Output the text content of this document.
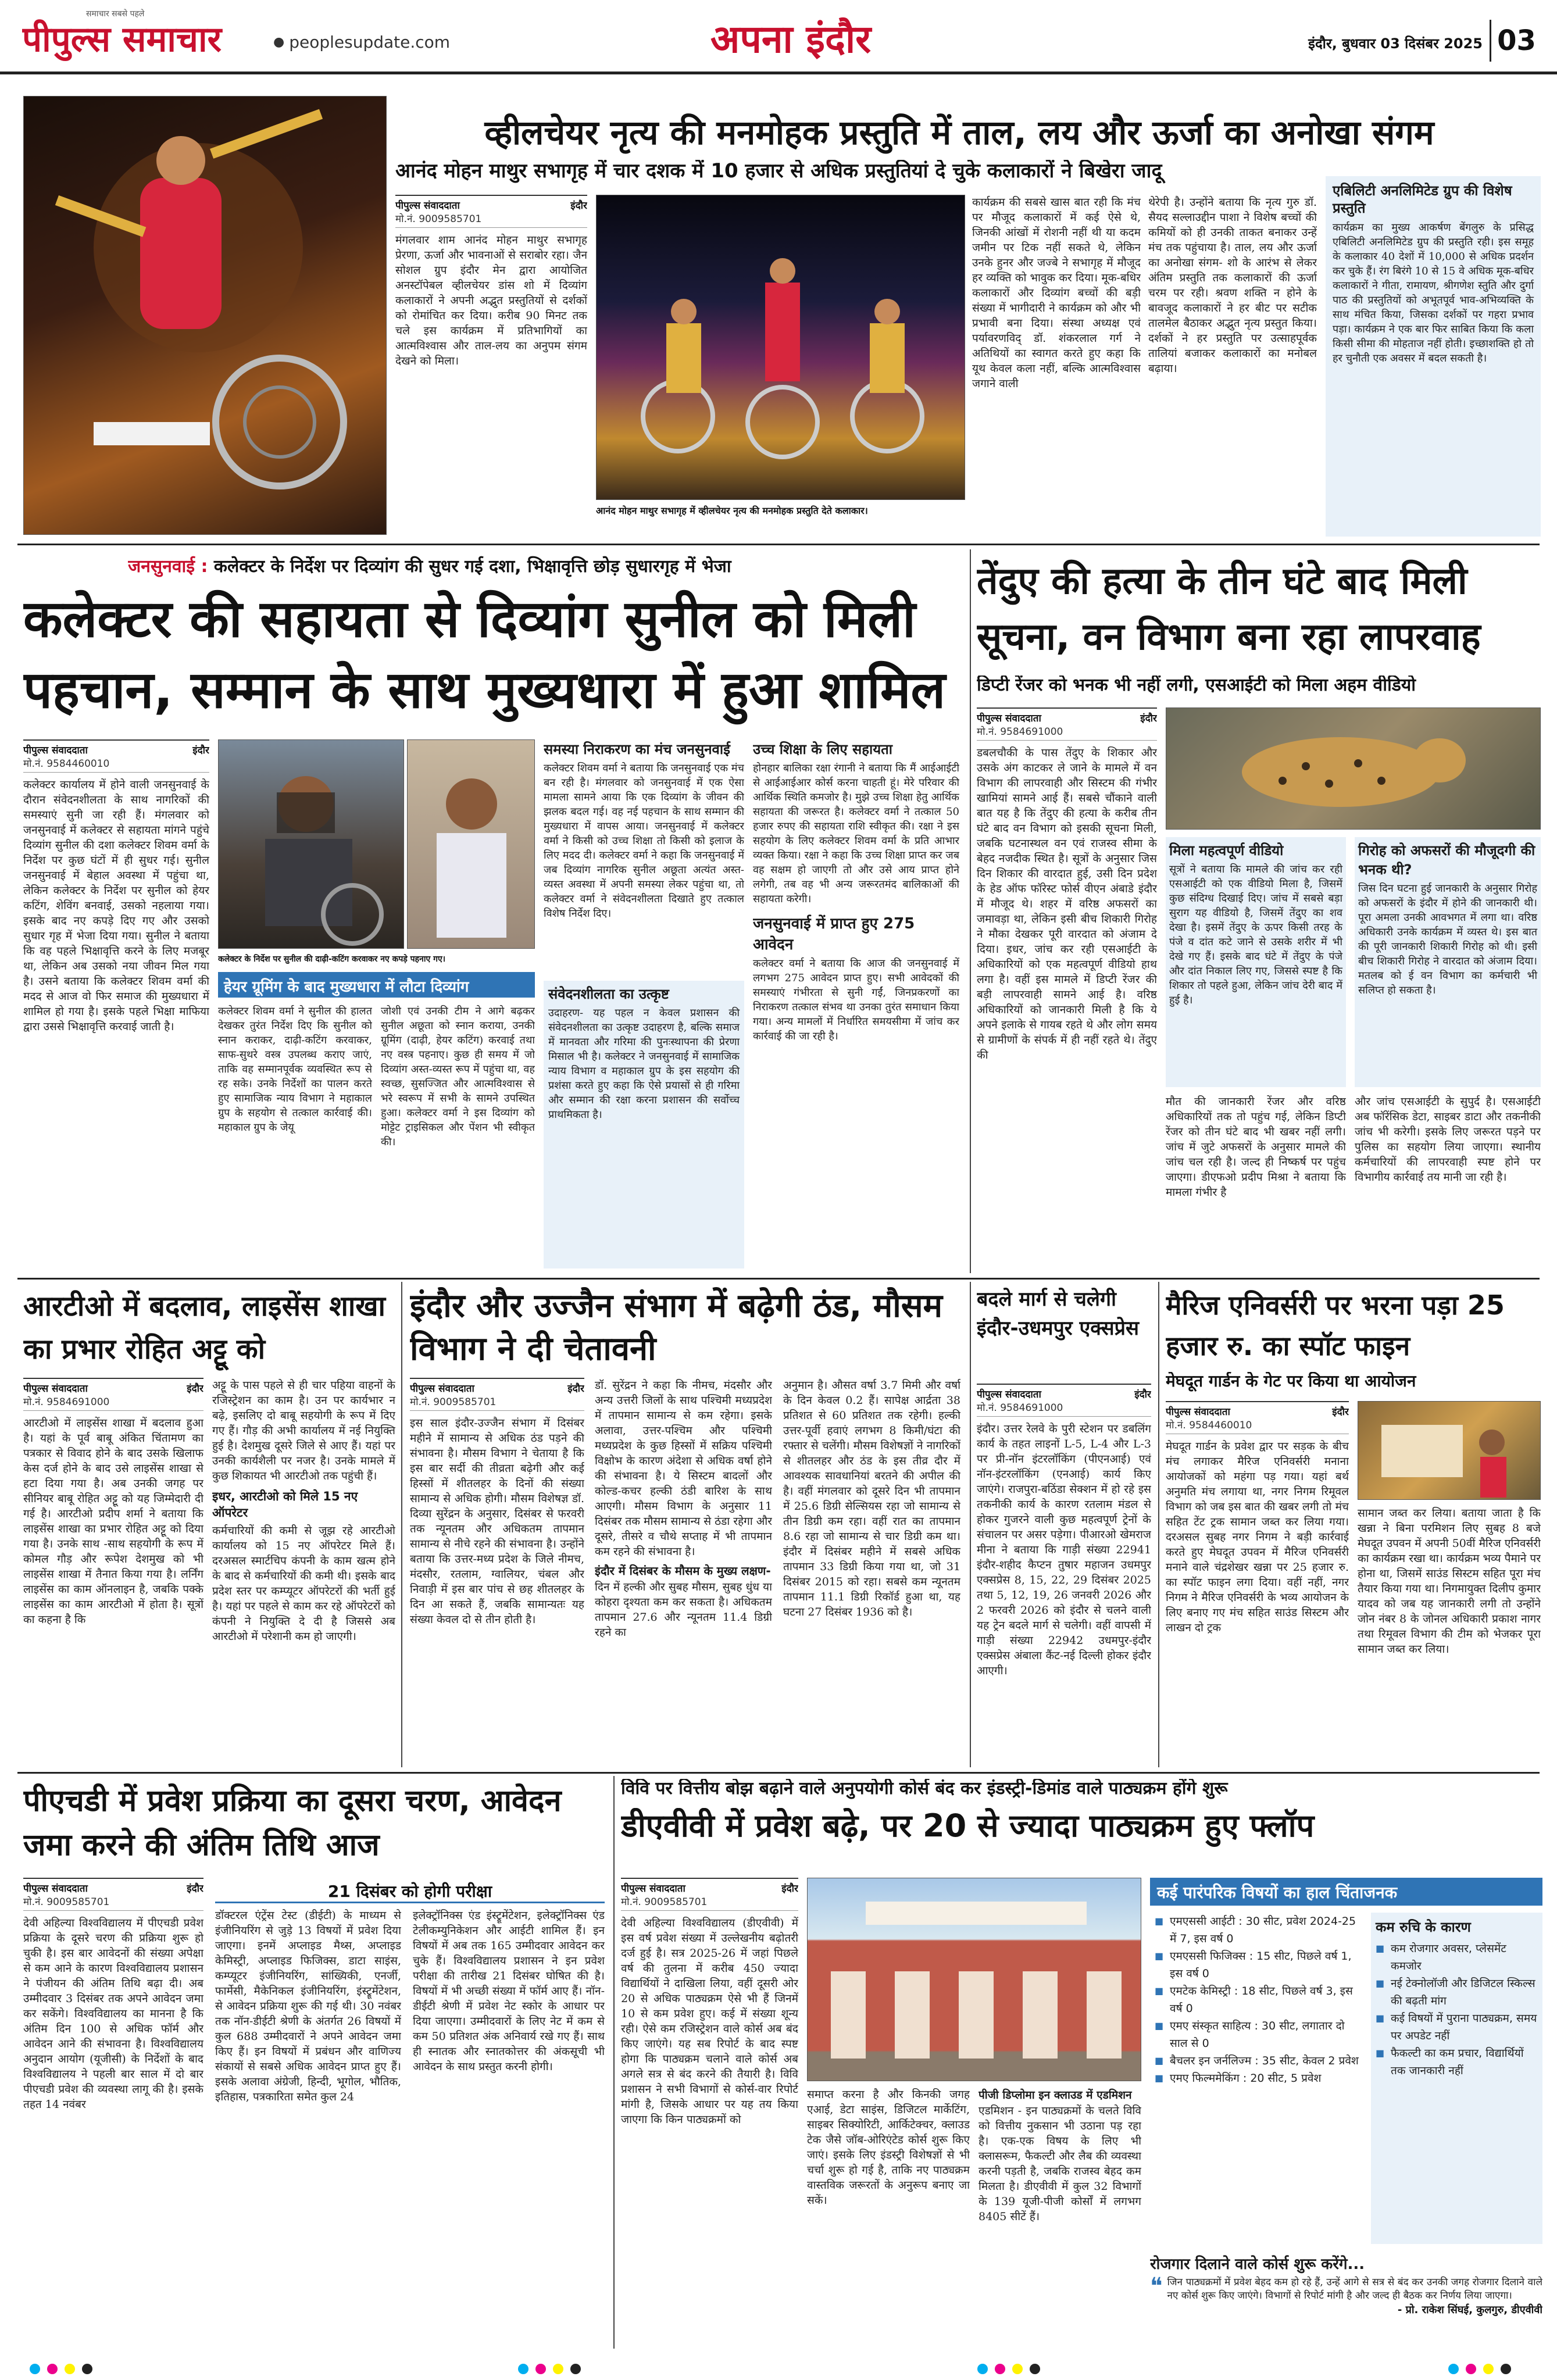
समाचार सबसे पहले
पीपुल्स समाचार	● peoplesupdate.com	अपना इंदौर	इंदौर, बुधवार 03 दिसंबर 2025 03
व्हीलचेयर नृत्य की मनमोहक प्रस्तुति में ताल, लय और ऊर्जा का अनोखा संगम
आनंद मोहन माथुर सभागृह में चार दशक में 10 हजार से अधिक प्रस्तुतियां दे चुके कलाकारों ने बिखेरा जादू
पीपुल्स संवाददाता	इंदौर
मो.नं. 9009585701
मंगलवार शाम आनंद मोहन माथुर सभागृह प्रेरणा, ऊर्जा और भावनाओं से सराबोर रहा। जैन सोशल ग्रुप इंदौर मेन द्वारा आयोजित अनस्टॉपेबल व्हीलचेयर डांस शो में दिव्यांग कलाकारों ने अपनी अद्भुत प्रस्तुतियों से दर्शकों को रोमांचित कर दिया। करीब 90 मिनट तक चले इस कार्यक्रम में प्रतिभागियों का आत्मविश्वास और ताल-लय का अनुपम संगम देखने को मिला।
आनंद मोहन माथुर सभागृह में व्हीलचेयर नृत्य की मनमोहक प्रस्तुति देते कलाकार।
कार्यक्रम की सबसे खास बात रही कि मंच पर मौजूद कलाकारों में कई ऐसे थे, जिनकी आंखों में रोशनी नहीं थी या कदम जमीन पर टिक नहीं सकते थे, लेकिन उनके हुनर और जज्बे ने सभागृह में मौजूद हर व्यक्ति को भावुक कर दिया। मूक-बधिर कलाकारों और दिव्यांग बच्चों की बड़ी संख्या में भागीदारी ने कार्यक्रम को और भी प्रभावी बना दिया। संस्था अध्यक्ष एवं पर्यावरणविद् डॉ. शंकरलाल गर्ग ने अतिथियों का स्वागत करते हुए कहा कि यूथ केवल कला नहीं, बल्कि आत्मविश्वास जगाने वाली
थेरेपी है। उन्होंने बताया कि नृत्य गुरु डॉ. सैयद सल्लाउद्दीन पाशा ने विशेष बच्चों की कमियों को ही उनकी ताकत बनाकर उन्हें मंच तक पहुंचाया है। ताल, लय और ऊर्जा का अनोखा संगम- शो के आरंभ से लेकर अंतिम प्रस्तुति तक कलाकारों की ऊर्जा चरम पर रही। श्रवण शक्ति न होने के बावजूद कलाकारों ने हर बीट पर सटीक तालमेल बैठाकर अद्भुत नृत्य प्रस्तुत किया। दर्शकों ने हर प्रस्तुति पर उत्साहपूर्वक तालियां बजाकर कलाकारों का मनोबल बढ़ाया।
एबिलिटी अनलिमिटेड ग्रुप की विशेष प्रस्तुति
कार्यक्रम का मुख्य आकर्षण बेंगलुरु के प्रसिद्ध एबिलिटी अनलिमिटेड ग्रुप की प्रस्तुति रही। इस समूह के कलाकार 40 देशों में 10,000 से अधिक प्रदर्शन कर चुके हैं। रंग बिरंगे 10 से 15 वे अधिक मूक-बधिर कलाकारों ने गीता, रामायण, श्रीगणेश स्तुति और दुर्गा पाठ की प्रस्तुतियों को अभूतपूर्व भाव-अभिव्यक्ति के साथ मंचित किया, जिसका दर्शकों पर गहरा प्रभाव पड़ा। कार्यक्रम ने एक बार फिर साबित किया कि कला किसी सीमा की मोहताज नहीं होती। इच्छाशक्ति हो तो हर चुनौती एक अवसर में बदल सकती है।
जनसुनवाई : कलेक्टर के निर्देश पर दिव्यांग की सुधर गई दशा, भिक्षावृत्ति छोड़ सुधारगृह में भेजा
कलेक्टर की सहायता से दिव्यांग सुनील को मिली पहचान, सम्मान के साथ मुख्यधारा में हुआ शामिल
पीपुल्स संवाददाता	इंदौर
मो.नं. 9584460010
कलेक्टर कार्यालय में होने वाली जनसुनवाई के दौरान संवेदनशीलता के साथ नागरिकों की समस्याएं सुनी जा रही हैं। मंगलवार को जनसुनवाई में कलेक्टर से सहायता मांगने पहुंचे दिव्यांग सुनील की दशा कलेक्टर शिवम वर्मा के निर्देश पर कुछ घंटों में ही सुधर गई। सुनील जनसुनवाई में बेहाल अवस्था में पहुंचा था, लेकिन कलेक्टर के निर्देश पर सुनील को हेयर कटिंग, शेविंग बनवाई, उसको नहलाया गया। इसके बाद नए कपड़े दिए गए और उसको सुधार गृह में भेजा दिया गया। सुनील ने बताया कि वह पहले भिक्षावृत्ति करने के लिए मजबूर था, लेकिन अब उसको नया जीवन मिल गया है। उसने बताया कि कलेक्टर शिवम वर्मा की मदद से आज वो फिर समाज की मुख्यधारा में शामिल हो गया है। इसके पहले भिक्षा माफिया द्वारा उससे भिक्षावृत्ति करवाई जाती है।
कलेक्टर के निर्देश पर सुनील की दाढ़ी-कटिंग करवाकर नए कपड़े पहनाए गए।
हेयर ग्रूमिंग के बाद मुख्यधारा में लौटा दिव्यांग
कलेक्टर शिवम वर्मा ने सुनील की हालत देखकर तुरंत निर्देश दिए कि सुनील को स्नान कराकर, दाढ़ी-कटिंग करवाकर, साफ-सुथरे वस्त्र उपलब्ध कराए जाएं, ताकि वह सम्मानपूर्वक व्यवस्थित रूप से रह सके। उनके निर्देशों का पालन करते हुए सामाजिक न्याय विभाग ने महाकाल ग्रुप के सहयोग से तत्काल कार्रवाई की। महाकाल ग्रुप के जेयू
जोशी एवं उनकी टीम ने आगे बढ़कर सुनील अछूता को स्नान कराया, उनकी ग्रूमिंग (दाढ़ी, हेयर कटिंग) करवाई तथा नए वस्त्र पहनाए। कुछ ही समय में जो दिव्यांग अस्त-व्यस्त रूप में पहुंचा था, वह स्वच्छ, सुसज्जित और आत्मविश्वास से भरे स्वरूप में सभी के सामने उपस्थित हुआ। कलेक्टर वर्मा ने इस दिव्यांग को मोट्टेट ट्राइसिकल और पेंशन भी स्वीकृत की।
समस्या निराकरण का मंच जनसुनवाई
कलेक्टर शिवम वर्मा ने बताया कि जनसुनवाई एक मंच बन रही है। मंगलवार को जनसुनवाई में एक ऐसा मामला सामने आया कि एक दिव्यांग के जीवन की झलक बदल गई। वह नई पहचान के साथ सम्मान की मुख्यधारा में वापस आया। जनसुनवाई में कलेक्टर वर्मा ने किसी को उच्च शिक्षा तो किसी को इलाज के लिए मदद दी। कलेक्टर वर्मा ने कहा कि जनसुनवाई में जब दिव्यांग नागरिक सुनील अछूता अत्यंत अस्त-व्यस्त अवस्था में अपनी समस्या लेकर पहुंचा था, तो कलेक्टर वर्मा ने संवेदनशीलता दिखाते हुए तत्काल विशेष निर्देश दिए।
संवेदनशीलता का उत्कृष्ट
उदाहरण- यह पहल न केवल प्रशासन की संवेदनशीलता का उत्कृष्ट उदाहरण है, बल्कि समाज में मानवता और गरिमा की पुनःस्थापना की प्रेरणा मिसाल भी है। कलेक्टर ने जनसुनवाई में सामाजिक न्याय विभाग व महाकाल ग्रुप के इस सहयोग की प्रशंसा करते हुए कहा कि ऐसे प्रयासों से ही गरिमा और सम्मान की रक्षा करना प्रशासन की सर्वोच्च प्राथमिकता है।
उच्च शिक्षा के लिए सहायता
होनहार बालिका रक्षा रंगानी ने बताया कि मैं आईआईटी से आईआईआर कोर्स करना चाहती हूं। मेरे परिवार की आर्थिक स्थिति कमजोर है। मुझे उच्च शिक्षा हेतु आर्थिक सहायता की जरूरत है। कलेक्टर वर्मा ने तत्काल 50 हजार रुपए की सहायता राशि स्वीकृत की। रक्षा ने इस सहयोग के लिए कलेक्टर शिवम वर्मा के प्रति आभार व्यक्त किया। रक्षा ने कहा कि उच्च शिक्षा प्राप्त कर जब वह सक्षम हो जाएगी तो और उसे आय प्राप्त होने लगेगी, तब वह भी अन्य जरूरतमंद बालिकाओं की सहायता करेगी।
जनसुनवाई में प्राप्त हुए 275 आवेदन
कलेक्टर वर्मा ने बताया कि आज की जनसुनवाई में लगभग 275 आवेदन प्राप्त हुए। सभी आवेदकों की समस्याएं गंभीरता से सुनी गईं, जिनप्रकरणों का निराकरण तत्काल संभव था उनका तुरंत समाधान किया गया। अन्य मामलों में निर्धारित समयसीमा में जांच कर कार्रवाई की जा रही है।
तेंदुए की हत्या के तीन घंटे बाद मिली सूचना, वन विभाग बना रहा लापरवाह
डिप्टी रेंजर को भनक भी नहीं लगी, एसआईटी को मिला अहम वीडियो
पीपुल्स संवाददाता	इंदौर
मो.नं. 9584691000
डबलचौकी के पास तेंदुए के शिकार और उसके अंग काटकर ले जाने के मामले में वन विभाग की लापरवाही और सिस्टम की गंभीर खामियां सामने आई हैं। सबसे चौंकाने वाली बात यह है कि तेंदुए की हत्या के करीब तीन घंटे बाद वन विभाग को इसकी सूचना मिली, जबकि घटनास्थल वन एवं राजस्व सीमा के बेहद नजदीक स्थित है। सूत्रों के अनुसार जिस दिन शिकार की वारदात हुई, उसी दिन प्रदेश के हेड ऑफ फॉरेस्ट फोर्स वीएन अंबाडे इंदौर में मौजूद थे। शहर में वरिष्ठ अफसरों का जमावड़ा था, लेकिन इसी बीच शिकारी गिरोह ने मौका देखकर पूरी वारदात को अंजाम दे दिया। इधर, जांच कर रही एसआईटी के अधिकारियों को एक महत्वपूर्ण वीडियो हाथ लगा है। वहीं इस मामले में डिप्टी रेंजर की बड़ी लापरवाही सामने आई है। वरिष्ठ अधिकारियों को जानकारी मिली है कि ये अपने इलाके से गायब रहते थे और लोग समय से ग्रामीणों के संपर्क में ही नहीं रहते थे। तेंदुए की
मिला महत्वपूर्ण वीडियो
सूत्रों ने बताया कि मामले की जांच कर रही एसआईटी को एक वीडियो मिला है, जिसमें कुछ संदिग्ध दिखाई दिए। जांच में सबसे बड़ा सुराग यह वीडियो है, जिसमें तेंदुए का शव देखा है। इसमें तेंदुए के ऊपर किसी तरह के पंजे व दांत कटे जाने से उसके शरीर में भी देखे गए हैं। इसके बाद घंटे में तेंदुए के पंजे और दांत निकाल लिए गए, जिससे स्पष्ट है कि शिकार तो पहले हुआ, लेकिन जांच देरी बाद में हुई है।
गिरोह को अफसरों की मौजूदगी की भनक थी?
जिस दिन घटना हुई जानकारी के अनुसार गिरोह को अफसरों के इंदौर में होने की जानकारी थी। पूरा अमला उनकी आवभगत में लगा था। वरिष्ठ अधिकारी उनके कार्यक्रम में व्यस्त थे। इस बात की पूरी जानकारी शिकारी गिरोह को थी। इसी बीच शिकारी गिरोह ने वारदात को अंजाम दिया। मतलब को ई वन विभाग का कर्मचारी भी सलिप्त हो सकता है।
मौत की जानकारी रेंजर और वरिष्ठ अधिकारियों तक तो पहुंच गई, लेकिन डिप्टी रेंजर को तीन घंटे बाद भी खबर नहीं लगी। जांच में जुटे अफसरों के अनुसार मामले की जांच चल रही है। जल्द ही निष्कर्ष पर पहुंच जाएगा। डीएफओ प्रदीप मिश्रा ने बताया कि मामला गंभीर है
और जांच एसआईटी के सुपुर्द है। एसआईटी अब फॉरेंसिक डेटा, साइबर डाटा और तकनीकी जांच भी करेगी। इसके लिए जरूरत पड़ने पर पुलिस का सहयोग लिया जाएगा। स्थानीय कर्मचारियों की लापरवाही स्पष्ट होने पर विभागीय कार्रवाई तय मानी जा रही है।
आरटीओ में बदलाव, लाइसेंस शाखा का प्रभार रोहित अट्टू को
पीपुल्स संवाददाता	इंदौर
मो.नं. 9584691000
आरटीओ में लाइसेंस शाखा में बदलाव हुआ है। यहां के पूर्व बाबू अंकित चिंतामण का पत्रकार से विवाद होने के बाद उसके खिलाफ केस दर्ज होने के बाद उसे लाइसेंस शाखा से हटा दिया गया है। अब उनकी जगह पर सीनियर बाबू रोहित अट्टू को यह जिम्मेदारी दी गई है। आरटीओ प्रदीप शर्मा ने बताया कि लाइसेंस शाखा का प्रभार रोहित अट्टू को दिया गया है। उनके साथ -साथ सहयोगी के रूप में कोमल गौड़ और रूपेश देशमुख को भी लाइसेंस शाखा में तैनात किया गया है। लर्निंग लाइसेंस का काम ऑनलाइन है, जबकि पक्के लाइसेंस का काम आरटीओ में होता है। सूत्रों का कहना है कि
अट्टू के पास पहले से ही चार पहिया वाहनों के रजिस्ट्रेशन का काम है। उन पर कार्यभार न बढ़े, इसलिए दो बाबू सहयोगी के रूप में दिए गए हैं। गौड़ की अभी कार्यालय में नई नियुक्ति हुई है। देशमुख दूसरे जिले से आए हैं। यहां पर उनकी कार्यशैली पर नजर है। उनके मामले में कुछ शिकायत भी आरटीओ तक पहुंची हैं।
इधर, आरटीओ को मिले 15 नए ऑपरेटर
कर्मचारियों की कमी से जूझ रहे आरटीओ कार्यालय को 15 नए ऑपरेटर मिले हैं। दरअसल स्मार्टचिप कंपनी के काम खत्म होने के बाद से कर्मचारियों की कमी थी। इसके बाद प्रदेश स्तर पर कम्प्यूटर ऑपरेटरों की भर्ती हुई है। यहां पर पहले से काम कर रहे ऑपरेटरों को कंपनी ने नियुक्ति दे दी है जिससे अब आरटीओ में परेशानी कम हो जाएगी।
इंदौर और उज्जैन संभाग में बढ़ेगी ठंड, मौसम विभाग ने दी चेतावनी
पीपुल्स संवाददाता	इंदौर
मो.नं. 9009585701
इस साल इंदौर-उज्जैन संभाग में दिसंबर महीने में सामान्य से अधिक ठंड पड़ने की संभावना है। मौसम विभाग ने चेताया है कि इस बार सर्दी की तीव्रता बढ़ेगी और कई हिस्सों में शीतलहर के दिनों की संख्या सामान्य से अधिक होगी। मौसम विशेषज्ञ डॉ. दिव्या सुरेंद्रन के अनुसार, दिसंबर से फरवरी तक न्यूनतम और अधिकतम तापमान सामान्य से नीचे रहने की संभावना है। उन्होंने बताया कि उत्तर-मध्य प्रदेश के जिले नीमच, मंदसौर, रतलाम, ग्वालियर, चंबल और निवाड़ी में इस बार पांच से छह शीतलहर के दिन आ सकते हैं, जबकि सामान्यतः यह संख्या केवल दो से तीन होती है।
डॉ. सुरेंद्रन ने कहा कि नीमच, मंदसौर और अन्य उत्तरी जिलों के साथ पश्चिमी मध्यप्रदेश में तापमान सामान्य से कम रहेगा। इसके अलावा, उत्तर-पश्चिम और पश्चिमी मध्यप्रदेश के कुछ हिस्सों में सक्रिय पश्चिमी विक्षोभ के कारण अंदेशा से अधिक वर्षा होने की संभावना है। ये सिस्टम बादलों और कोल्ड-कचर हल्की ठंडी बारिश के साथ आएगी। मौसम विभाग के अनुसार 11 दिसंबर तक मौसम सामान्य से ठंडा रहेगा और दूसरे, तीसरे व चौथे सप्ताह में भी तापमान कम रहने की संभावना है।
इंदौर में दिसंबर के मौसम के मुख्य लक्षण-
दिन में हल्की और सुबह मौसम, सुबह धुंध या कोहरा दृश्यता कम कर सकता है। अधिकतम तापमान 27.6 और न्यूनतम 11.4 डिग्री रहने का
अनुमान है। औसत वर्षा 3.7 मिमी और वर्षा के दिन केवल 0.2 हैं। सापेक्ष आर्द्रता 38 प्रतिशत से 60 प्रतिशत तक रहेगी। हल्की उत्तर-पूर्वी हवाएं लगभग 8 किमी/घंटा की रफ्तार से चलेंगी। मौसम विशेषज्ञों ने नागरिकों से शीतलहर और ठंड के इस तीव्र दौर में आवश्यक सावधानियां बरतने की अपील की है। वहीं मंगलवार को दूसरे दिन भी तापमान में 25.6 डिग्री सेल्सियस रहा जो सामान्य से तीन डिग्री कम रहा। वहीं रात का तापमान 8.6 रहा जो सामान्य से चार डिग्री कम था। इंदौर में दिसंबर महीने में सबसे अधिक तापमान 33 डिग्री किया गया था, जो 31 दिसंबर 2015 को रहा। सबसे कम न्यूनतम तापमान 11.1 डिग्री रिकॉर्ड हुआ था, यह घटना 27 दिसंबर 1936 को है।
बदले मार्ग से चलेगी इंदौर-उधमपुर एक्सप्रेस
पीपुल्स संवाददाता	इंदौर
मो.नं. 9584691000
इंदौर। उत्तर रेलवे के पुरी स्टेशन पर डबलिंग कार्य के तहत लाइनों L-5, L-4 और L-3 पर प्री-नॉन इंटरलॉकिंग (पीएनआई) एवं नॉन-इंटरलॉकिंग (एनआई) कार्य किए जाएंगे। राजपुरा-बठिंडा सेक्शन में हो रहे इस तकनीकी कार्य के कारण रतलाम मंडल से होकर गुजरने वाली कुछ महत्वपूर्ण ट्रेनों के संचालन पर असर पड़ेगा। पीआरओ खेमराज मीना ने बताया कि गाड़ी संख्या 22941 इंदौर-शहीद कैप्टन तुषार महाजन उधमपुर एक्सप्रेस 8, 15, 22, 29 दिसंबर 2025 तथा 5, 12, 19, 26 जनवरी 2026 और 2 फरवरी 2026 को इंदौर से चलने वाली यह ट्रेन बदले मार्ग से चलेगी। वहीं वापसी में गाड़ी संख्या 22942 उधमपुर-इंदौर एक्सप्रेस अंबाला कैंट-नई दिल्ली होकर इंदौर आएगी।
मैरिज एनिवर्सरी पर भरना पड़ा 25 हजार रु. का स्पॉट फाइन
मेघदूत गार्डन के गेट पर किया था आयोजन
पीपुल्स संवाददाता	इंदौर
मो.नं. 9584460010
मेघदूत गार्डन के प्रवेश द्वार पर सड़क के बीच मंच लगाकर मैरिज एनिवर्सरी मनाना आयोजकों को महंगा पड़ गया। यहां बर्थ अनुमति मंच लगाया था, नगर निगम रिमूवल विभाग को जब इस बात की खबर लगी तो मंच सहित टेंट ट्रक सामान जब्त कर लिया गया। दरअसल सुबह नगर निगम ने बड़ी कार्रवाई करते हुए मेघदूत उपवन में मैरिज एनिवर्सरी मनाने वाले चंद्रशेखर खन्ना पर 25 हजार रु. का स्पॉट फाइन लगा दिया। वहीं नहीं, नगर निगम ने मैरिज एनिवर्सरी के भव्य आयोजन के लिए बनाए गए मंच सहित साउंड सिस्टम और लाखन दो ट्रक
सामान जब्त कर लिया। बताया जाता है कि खन्ना ने बिना परमिशन लिए सुबह 8 बजे मेघदूत उपवन में अपनी 50वीं मैरिज एनिवर्सरी का कार्यक्रम रखा था। कार्यक्रम भव्य पैमाने पर होना था, जिसमें साउंड सिस्टम सहित पूरा मंच तैयार किया गया था। निगमायुक्त दिलीप कुमार यादव को जब यह जानकारी लगी तो उन्होंने जोन नंबर 8 के जोनल अधिकारी प्रकाश नागर तथा रिमूवल विभाग की टीम को भेजकर पूरा सामान जब्त कर लिया।
पीएचडी में प्रवेश प्रक्रिया का दूसरा चरण, आवेदन जमा करने की अंतिम तिथि आज
पीपुल्स संवाददाता	इंदौर
मो.नं. 9009585701
देवी अहिल्या विश्वविद्यालय में पीएचडी प्रवेश प्रक्रिया के दूसरे चरण की प्रक्रिया शुरू हो चुकी है। इस बार आवेदनों की संख्या अपेक्षा से कम आने के कारण विश्वविद्यालय प्रशासन ने पंजीयन की अंतिम तिथि बढ़ा दी। अब उम्मीदवार 3 दिसंबर तक अपने आवेदन जमा कर सकेंगे। विश्वविद्यालय का मानना है कि अंतिम दिन 100 से अधिक फॉर्म और आवेदन आने की संभावना है। विश्वविद्यालय अनुदान आयोग (यूजीसी) के निर्देशों के बाद विश्वविद्यालय ने पहली बार साल में दो बार पीएचडी प्रवेश की व्यवस्था लागू की है। इसके तहत 14 नवंबर
21 दिसंबर को होगी परीक्षा
डॉक्टरल एंट्रेंस टेस्ट (डीईटी) के माध्यम से इंजीनियरिंग से जुड़े 13 विषयों में प्रवेश दिया जाएगा। इनमें अप्लाइड मैथ्स, अप्लाइड केमिस्ट्री, अप्लाइड फिजिक्स, डाटा साइंस, कम्प्यूटर इंजीनियरिंग, सांख्यिकी, एनर्जी, फार्मेसी, मैकेनिकल इंजीनियरिंग, इंस्ट्रूमेंटेशन, से आवेदन प्रक्रिया शुरू की गई थी। 30 नवंबर तक नॉन-डीईटी श्रेणी के अंतर्गत 26 विषयों में कुल 688 उम्मीदवारों ने अपने आवेदन जमा किए हैं। इन विषयों में प्रबंधन और वाणिज्य संकायों से सबसे अधिक आवेदन प्राप्त हुए हैं। इसके अलावा अंग्रेजी, हिन्दी, भूगोल, भौतिक, इतिहास, पत्रकारिता समेत कुल 24
इलेक्ट्रॉनिक्स एंड इंस्ट्रूमेंटेशन, इलेक्ट्रॉनिक्स एंड टेलीकम्युनिकेशन और आईटी शामिल हैं। इन विषयों में अब तक 165 उम्मीदवार आवेदन कर चुके हैं। विश्वविद्यालय प्रशासन ने इन प्रवेश परीक्षा की तारीख 21 दिसंबर घोषित की है। विषयों में भी अच्छी संख्या में फॉर्म आए हैं। नॉन-डीईटी श्रेणी में प्रवेश नेट स्कोर के आधार पर दिया जाएगा। उम्मीदवारों के लिए नेट में कम से कम 50 प्रतिशत अंक अनिवार्य रखे गए हैं। साथ ही स्नातक और स्नातकोत्तर की अंकसूची भी आवेदन के साथ प्रस्तुत करनी होगी।
विवि पर वित्तीय बोझ बढ़ाने वाले अनुपयोगी कोर्स बंद कर इंडस्ट्री-डिमांड वाले पाठ्यक्रम होंगे शुरू
डीएवीवी में प्रवेश बढ़े, पर 20 से ज्यादा पाठ्यक्रम हुए फ्लॉप
पीपुल्स संवाददाता	इंदौर
मो.नं. 9009585701
देवी अहिल्या विश्वविद्यालय (डीएवीवी) में इस वर्ष प्रवेश संख्या में उल्लेखनीय बढ़ोतरी दर्ज हुई है। सत्र 2025-26 में जहां पिछले वर्ष की तुलना में करीब 450 ज्यादा विद्यार्थियों ने दाखिला लिया, वहीं दूसरी ओर 20 से अधिक पाठ्यक्रम ऐसे भी हैं जिनमें 10 से कम प्रवेश हुए। कई में संख्या शून्य रही। ऐसे कम रजिस्ट्रेशन वाले कोर्स अब बंद किए जाएंगे। यह सब रिपोर्ट के बाद स्पष्ट होगा कि पाठ्यक्रम चलाने वाले कोर्स अब अगले सत्र से बंद करने की तैयारी है। विवि प्रशासन ने सभी विभागों से कोर्स-वार रिपोर्ट मांगी है, जिसके आधार पर यह तय किया जाएगा कि किन पाठ्यक्रमों को
समाप्त करना है और किनकी जगह एआई, डेटा साइंस, डिजिटल मार्केटिंग, साइबर सिक्योरिटी, आर्किटेक्चर, क्लाउड टेक जैसे जॉब-ओरिएंटेड कोर्स शुरू किए जाएं। इसके लिए इंडस्ट्री विशेषज्ञों से भी चर्चा शुरू हो गई है, ताकि नए पाठ्यक्रम वास्तविक जरूरतों के अनुरूप बनाए जा सकें।
पीजी डिप्लोमा इन क्लाउड में एडमिशन
एडमिशन - इन पाठ्यक्रमों के चलते विवि को वित्तीय नुकसान भी उठाना पड़ रहा है। एक-एक विषय के लिए भी क्लासरूम, फैकल्टी और लैब की व्यवस्था करनी पड़ती है, जबकि राजस्व बेहद कम मिलता है। डीएवीवी में कुल 32 विभागों के 139 यूजी-पीजी कोर्सों में लगभग 8405 सीटें हैं।
कई पारंपरिक विषयों का हाल चिंताजनक
■ एमएससी आईटी : 30 सीट, प्रवेश 2024-25 में 7, इस वर्ष 0
■ एमएससी फिजिक्स : 15 सीट, पिछले वर्ष 1, इस वर्ष 0
■ एमटेक केमिस्ट्री : 18 सीट, पिछले वर्ष 3, इस वर्ष 0
■ एमए संस्कृत साहित्य : 30 सीट, लगातार दो साल से 0
■ बैचलर इन जर्नलिज्म : 35 सीट, केवल 2 प्रवेश
■ एमए फिल्ममेकिंग : 20 सीट, 5 प्रवेश
कम रुचि के कारण
■ कम रोजगार अवसर, प्लेसमेंट कमजोर
■ नई टेक्नोलॉजी और डिजिटल स्किल्स की बढ़ती मांग
■ कई विषयों में पुराना पाठ्यक्रम, समय पर अपडेट नहीं
■ फैकल्टी का कम प्रचार, विद्यार्थियों तक जानकारी नहीं
रोजगार दिलाने वाले कोर्स शुरू करेंगे...
❝ जिन पाठ्यक्रमों में प्रवेश बेहद कम हो रहे हैं, उन्हें आगे से सत्र से बंद कर उनकी जगह रोजगार दिलाने वाले नए कोर्स शुरू किए जाएंगे। विभागों से रिपोर्ट मांगी है और जल्द ही बैठक कर निर्णय लिया जाएगा।
- प्रो. राकेश सिंघई, कुलगुरु, डीएवीवी
